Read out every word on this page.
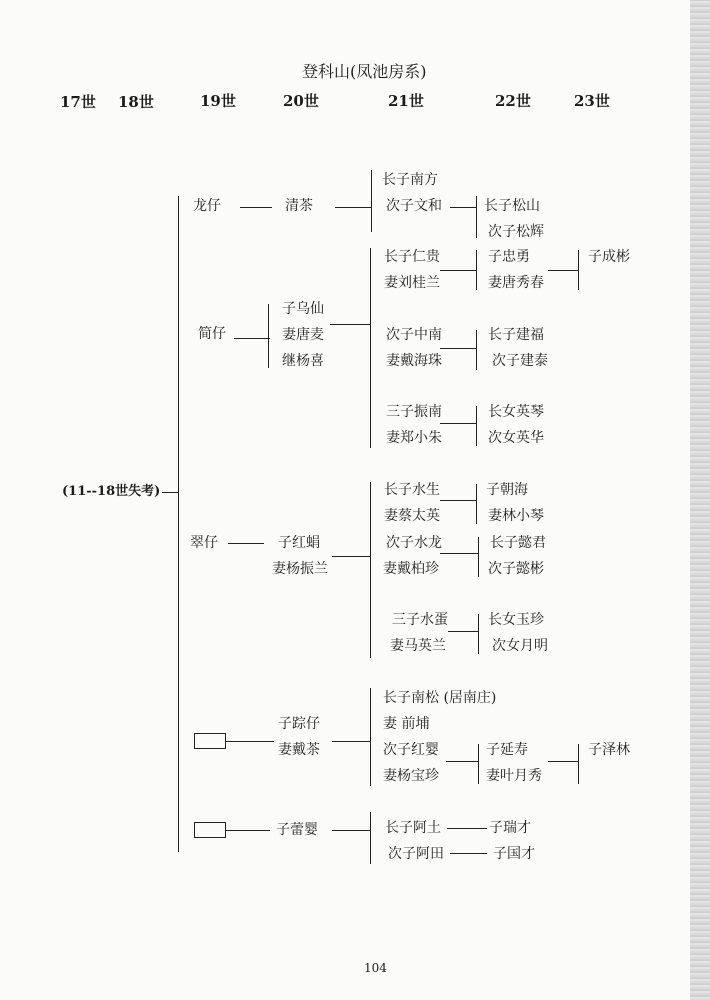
登科山(凤池房系)
17世 18世	19世	20世	21世	22世	23世
(11--18世失考)
龙仔
简仔
翠仔
清茶
子乌仙
妻唐麦
继杨喜
子红蜎
妻杨振兰
子踪仔
妻戴茶
子蕾婴
长子南方
次子文和
长子仁贵
妻刘桂兰
次子中南
妻戴海珠
三子振南
妻郑小朱
长子水生
妻蔡太英
次子水龙
妻戴柏珍
三子水蛋
妻马英兰
长子南松 (居南庄)
妻 前埔
次子红婴
妻杨宝珍
长子阿土
次子阿田
长子松山
次子松辉
子忠勇
妻唐秀春
长子建福
次子建泰
长女英琴
次女英华
子朝海
妻林小琴
长子懿君
次子懿彬
长女玉珍
次女月明
子延寿
妻叶月秀
子瑞才
子国才
子成彬
子泽林
104
